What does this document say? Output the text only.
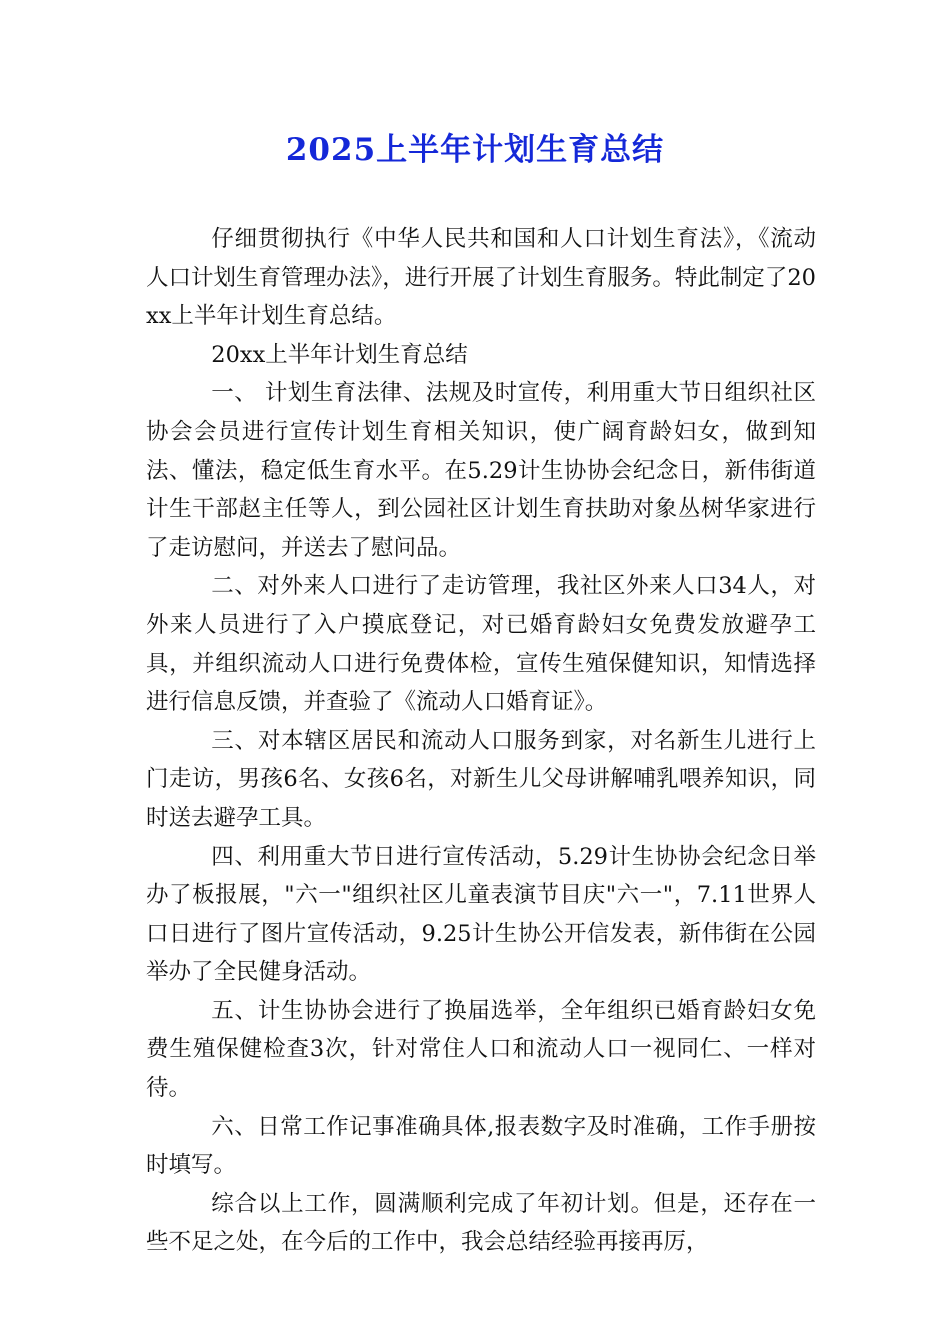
2025上半年计划生育总结

仔细贯彻执行《中华人民共和国和人口计划生育法》，《流动人口计划生育管理办法》，进行开展了计划生育服务。特此制定了20xx上半年计划生育总结。

20xx上半年计划生育总结

一、 计划生育法律、法规及时宣传，利用重大节日组织社区协会会员进行宣传计划生育相关知识，使广阔育龄妇女，做到知法、懂法，稳定低生育水平。在5.29计生协协会纪念日，新伟街道计生干部赵主任等人，到公园社区计划生育扶助对象丛树华家进行了走访慰问，并送去了慰问品。

二、对外来人口进行了走访管理，我社区外来人口34人，对外来人员进行了入户摸底登记，对已婚育龄妇女免费发放避孕工具，并组织流动人口进行免费体检，宣传生殖保健知识，知情选择进行信息反馈，并查验了《流动人口婚育证》。

三、对本辖区居民和流动人口服务到家，对名新生儿进行上门走访，男孩6名、女孩6名，对新生儿父母讲解哺乳喂养知识，同时送去避孕工具。

四、利用重大节日进行宣传活动，5.29计生协协会纪念日举办了板报展，"六一"组织社区儿童表演节目庆"六一"，7.11世界人口日进行了图片宣传活动，9.25计生协公开信发表，新伟街在公园举办了全民健身活动。

五、计生协协会进行了换届选举，全年组织已婚育龄妇女免费生殖保健检查3次，针对常住人口和流动人口一视同仁、一样对待。

六、日常工作记事准确具体,报表数字及时准确，工作手册按时填写。

综合以上工作，圆满顺利完成了年初计划。但是，还存在一些不足之处，在今后的工作中，我会总结经验再接再厉，
